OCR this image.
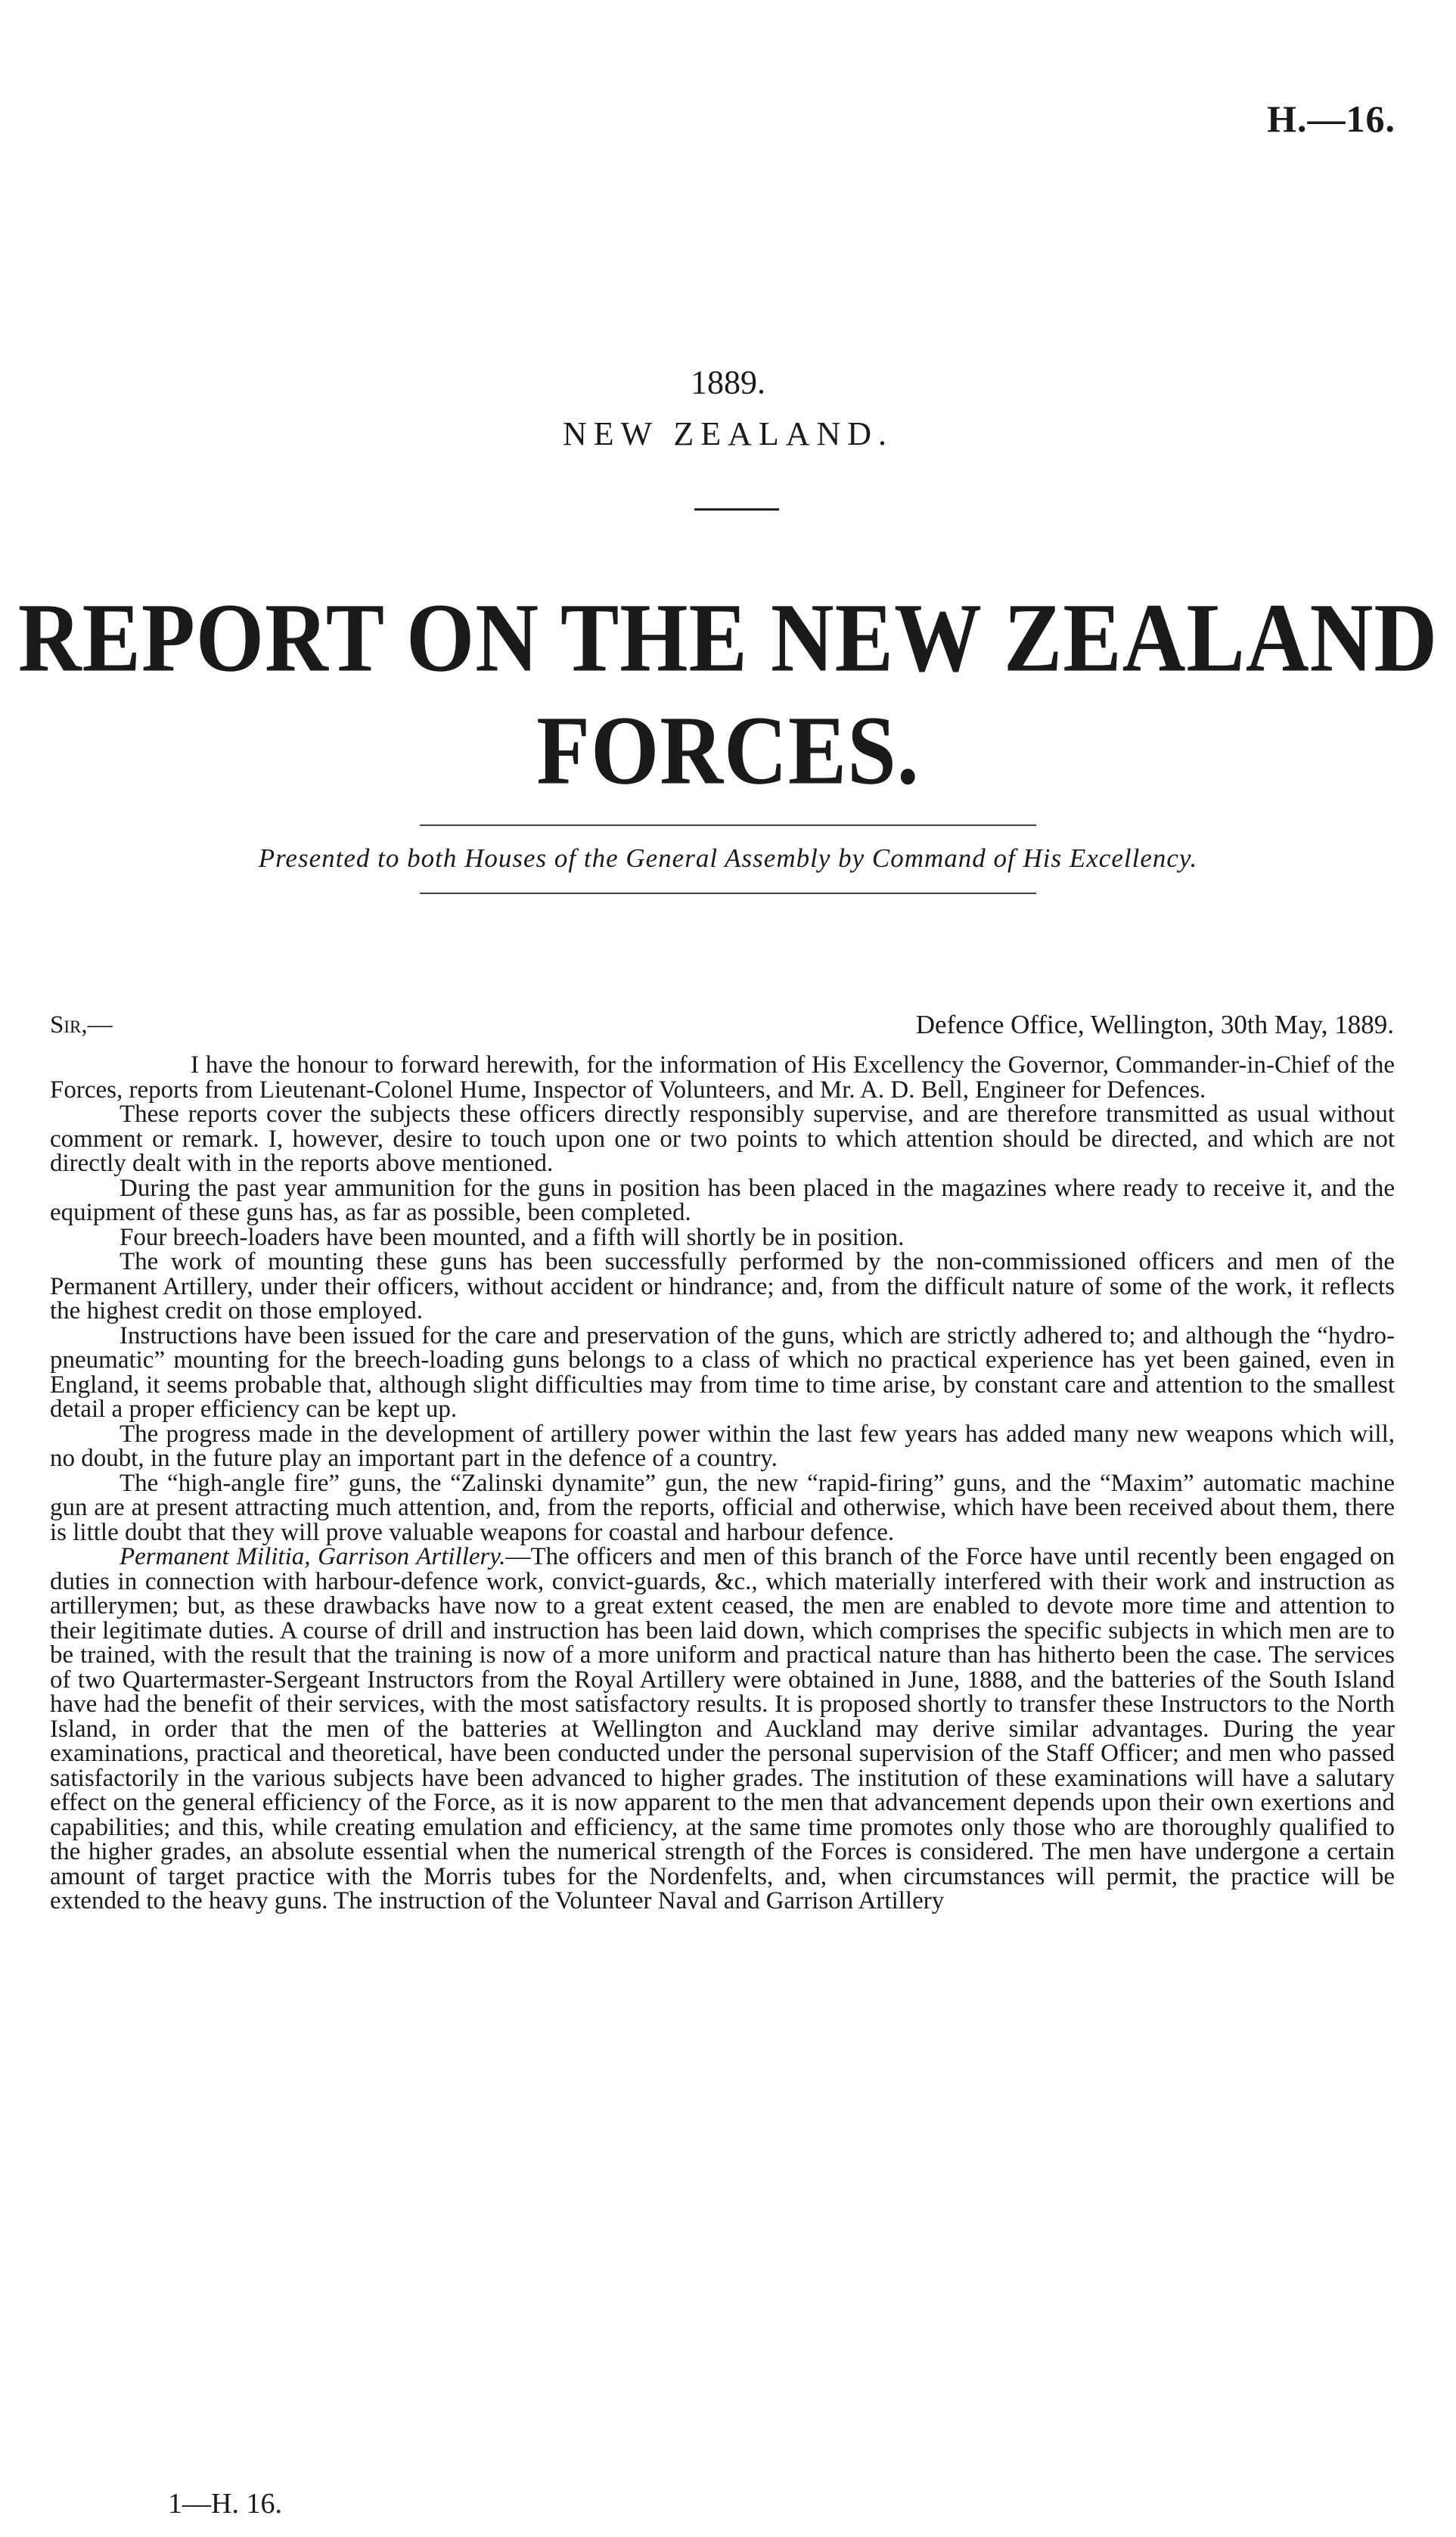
H.—16.
1889.
NEW ZEALAND.
REPORT ON THE NEW ZEALAND FORCES.
Presented to both Houses of the General Assembly by Command of His Excellency.
Sir,—	Defence Office, Wellington, 30th May, 1889.

I have the honour to forward herewith, for the information of His Excellency the Governor, Commander-in-Chief of the Forces, reports from Lieutenant-Colonel Hume, Inspector of Volunteers, and Mr. A. D. Bell, Engineer for Defences.

These reports cover the subjects these officers directly responsibly supervise, and are therefore transmitted as usual without comment or remark. I, however, desire to touch upon one or two points to which attention should be directed, and which are not directly dealt with in the reports above mentioned.

During the past year ammunition for the guns in position has been placed in the magazines where ready to receive it, and the equipment of these guns has, as far as possible, been completed.

Four breech-loaders have been mounted, and a fifth will shortly be in position.

The work of mounting these guns has been successfully performed by the non-commissioned officers and men of the Permanent Artillery, under their officers, without accident or hindrance; and, from the difficult nature of some of the work, it reflects the highest credit on those employed.

Instructions have been issued for the care and preservation of the guns, which are strictly adhered to; and although the “hydro-pneumatic” mounting for the breech-loading guns belongs to a class of which no practical experience has yet been gained, even in England, it seems probable that, although slight difficulties may from time to time arise, by constant care and attention to the smallest detail a proper efficiency can be kept up.

The progress made in the development of artillery power within the last few years has added many new weapons which will, no doubt, in the future play an important part in the defence of a country.

The “high-angle fire” guns, the “Zalinski dynamite” gun, the new “rapid-firing” guns, and the “Maxim” automatic machine gun are at present attracting much attention, and, from the reports, official and otherwise, which have been received about them, there is little doubt that they will prove valuable weapons for coastal and harbour defence.

Permanent Militia, Garrison Artillery.—The officers and men of this branch of the Force have until recently been engaged on duties in connection with harbour-defence work, convict-guards, &c., which materially interfered with their work and instruction as artillerymen; but, as these drawbacks have now to a great extent ceased, the men are enabled to devote more time and attention to their legitimate duties. A course of drill and instruction has been laid down, which comprises the specific subjects in which men are to be trained, with the result that the training is now of a more uniform and practical nature than has hitherto been the case. The services of two Quartermaster-Sergeant Instructors from the Royal Artillery were obtained in June, 1888, and the batteries of the South Island have had the benefit of their services, with the most satisfactory results. It is proposed shortly to transfer these Instructors to the North Island, in order that the men of the batteries at Wellington and Auckland may derive similar advantages. During the year examinations, practical and theoretical, have been conducted under the personal supervision of the Staff Officer; and men who passed satisfactorily in the various subjects have been advanced to higher grades. The institution of these examinations will have a salutary effect on the general efficiency of the Force, as it is now apparent to the men that advancement depends upon their own exertions and capabilities; and this, while creating emulation and efficiency, at the same time promotes only those who are thoroughly qualified to the higher grades, an absolute essential when the numerical strength of the Forces is considered. The men have undergone a certain amount of target practice with the Morris tubes for the Nordenfelts, and, when circumstances will permit, the practice will be extended to the heavy guns. The instruction of the Volunteer Naval and Garrison Artillery

1—H. 16.
